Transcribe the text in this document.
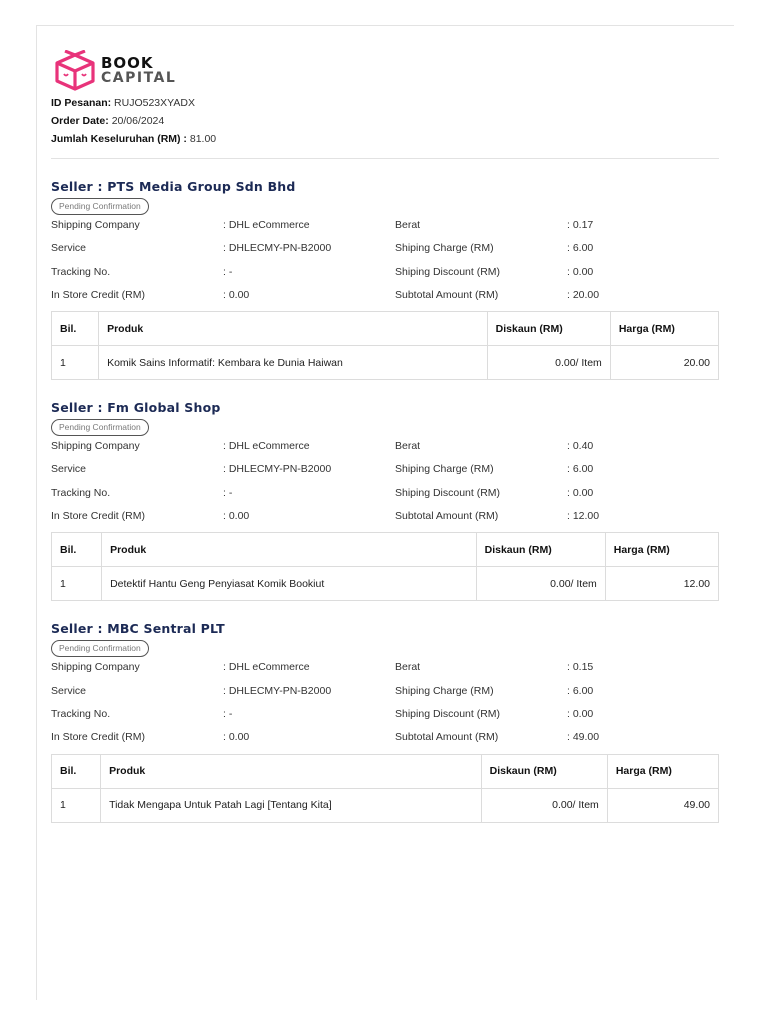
BOOK
CAPITAL
ID Pesanan: RUJO523XYADX
Order Date: 20/06/2024
Jumlah Keseluruhan (RM) : 81.00
Seller : PTS Media Group Sdn Bhd
Pending Confirmation
Shipping Company	: DHL eCommerce	Berat	: 0.17
Service	: DHLECMY-PN-B2000	Shiping Charge (RM)	: 6.00
Tracking No.	: -	Shiping Discount (RM)	: 0.00
In Store Credit (RM)	: 0.00	Subtotal Amount (RM)	: 20.00
Bil.	Produk	Diskaun (RM)	Harga (RM)
1	Komik Sains Informatif: Kembara ke Dunia Haiwan	0.00/ Item	20.00
Seller : Fm Global Shop
Pending Confirmation
Shipping Company	: DHL eCommerce	Berat	: 0.40
Service	: DHLECMY-PN-B2000	Shiping Charge (RM)	: 6.00
Tracking No.	: -	Shiping Discount (RM)	: 0.00
In Store Credit (RM)	: 0.00	Subtotal Amount (RM)	: 12.00
Bil.	Produk	Diskaun (RM)	Harga (RM)
1	Detektif Hantu Geng Penyiasat Komik Bookiut	0.00/ Item	12.00
Seller : MBC Sentral PLT
Pending Confirmation
Shipping Company	: DHL eCommerce	Berat	: 0.15
Service	: DHLECMY-PN-B2000	Shiping Charge (RM)	: 6.00
Tracking No.	: -	Shiping Discount (RM)	: 0.00
In Store Credit (RM)	: 0.00	Subtotal Amount (RM)	: 49.00
Bil.	Produk	Diskaun (RM)	Harga (RM)
1	Tidak Mengapa Untuk Patah Lagi [Tentang Kita]	0.00/ Item	49.00
